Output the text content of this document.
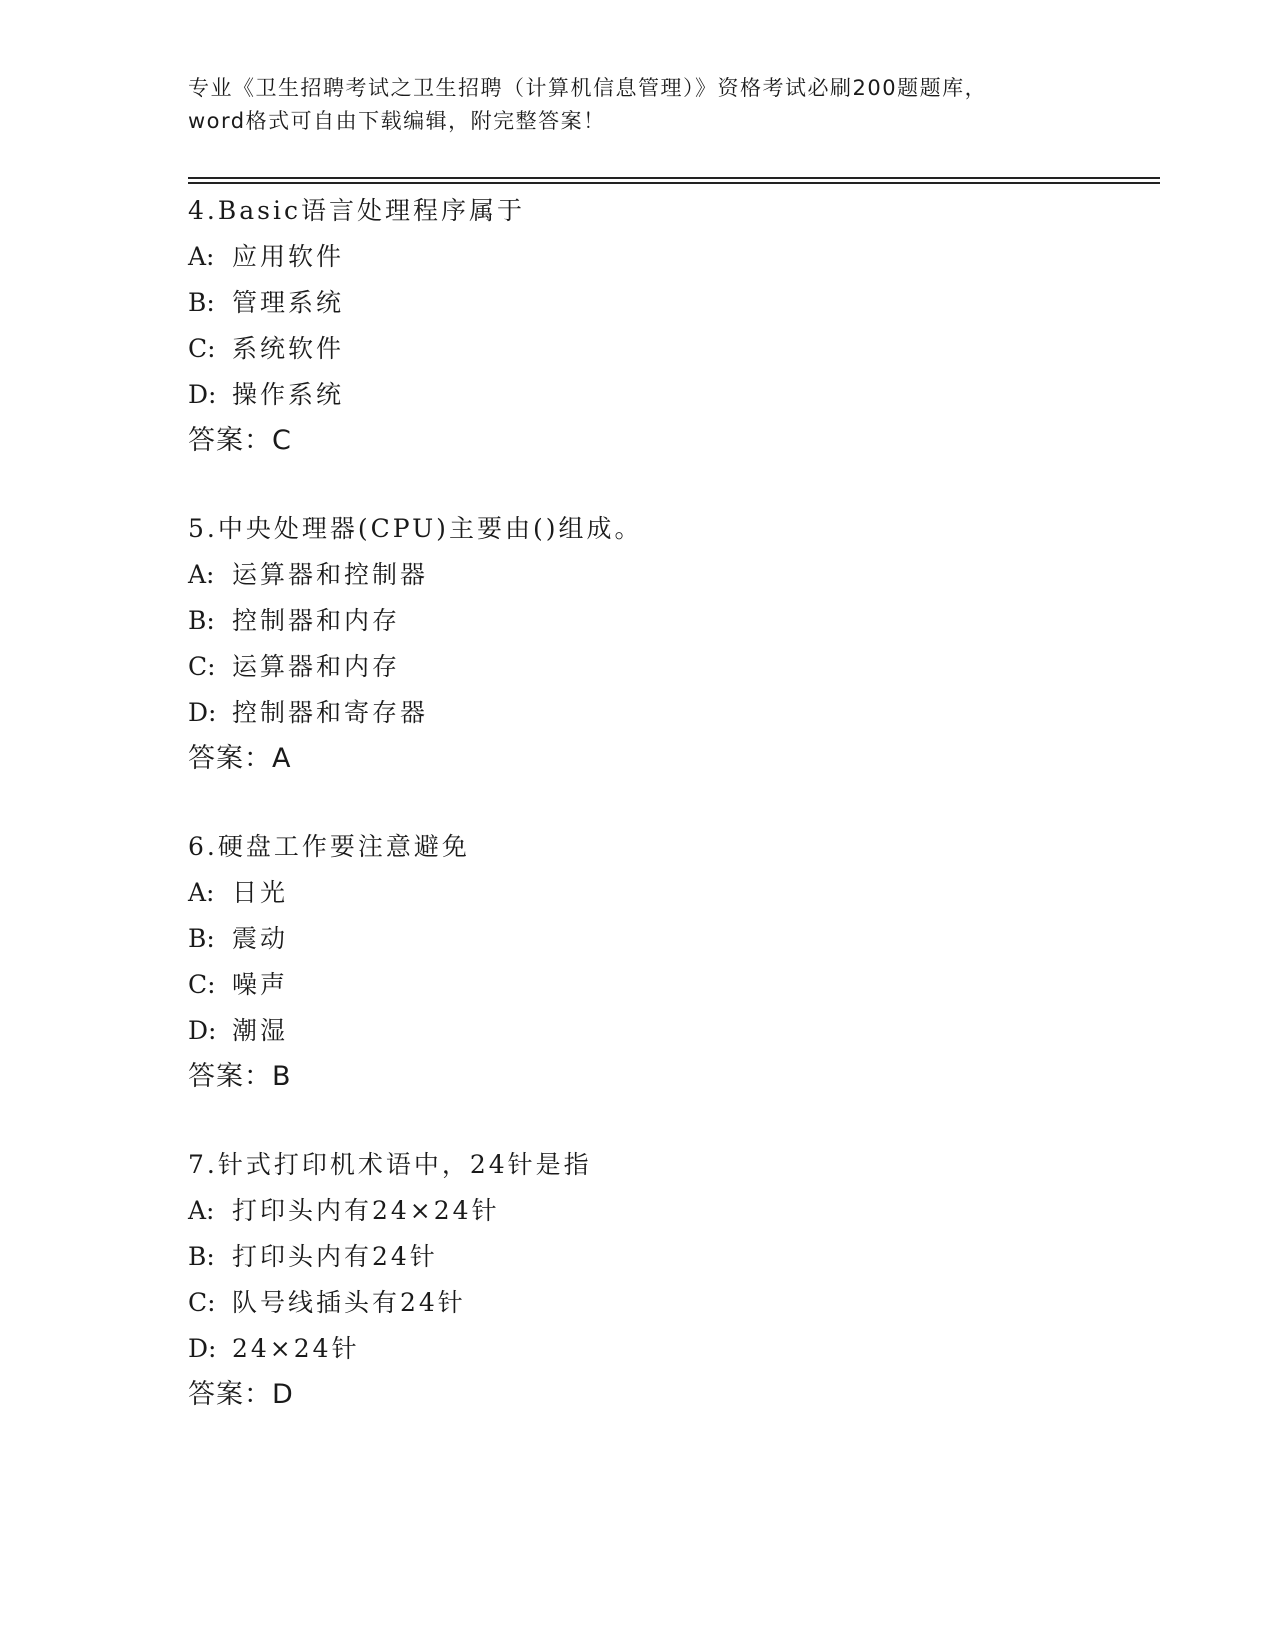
专业《卫生招聘考试之卫生招聘（计算机信息管理）》资格考试必刷200题题库，
word格式可自由下载编辑，附完整答案！
4.Basic语言处理程序属于
A: 应用软件
B: 管理系统
C: 系统软件
D: 操作系统
答案：C
5.中央处理器(CPU)主要由()组成。
A: 运算器和控制器
B: 控制器和内存
C: 运算器和内存
D: 控制器和寄存器
答案：A
6.硬盘工作要注意避免
A: 日光
B: 震动
C: 噪声
D: 潮湿
答案：B
7.针式打印机术语中，24针是指
A: 打印头内有24×24针
B: 打印头内有24针
C: 队号线插头有24针
D: 24×24针
答案：D
